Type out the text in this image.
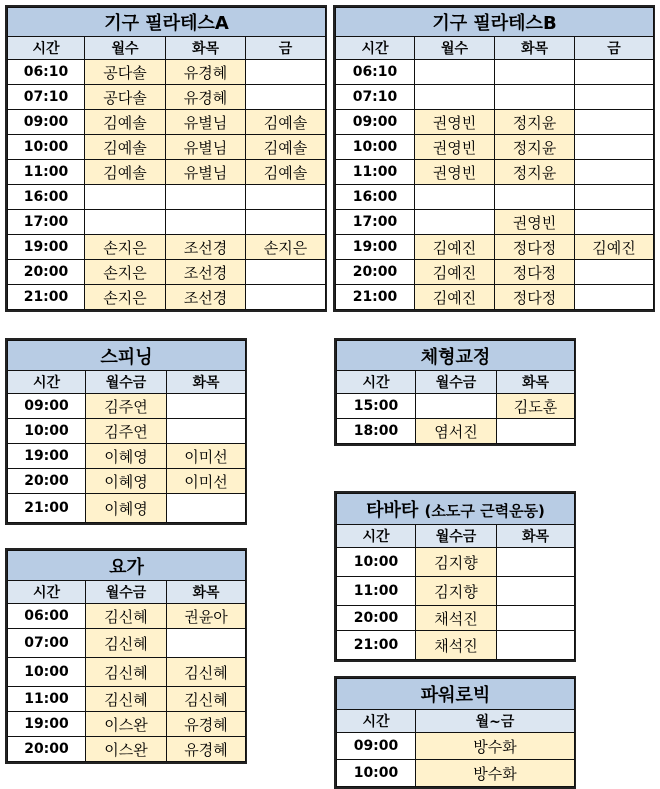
기구 필라테스A			
시간	월수	화목	금
06:10	공다솔	유경혜	
07:10	공다솔	유경혜	
09:00	김예솔	유별님	김예솔
10:00	김예솔	유별님	김예솔
11:00	김예솔	유별님	김예솔
16:00			
17:00			
19:00	손지은	조선경	손지은
20:00	손지은	조선경	
21:00	손지은	조선경	
기구 필라테스B			
시간	월수	화목	금
06:10			
07:10			
09:00	권영빈	정지윤	
10:00	권영빈	정지윤	
11:00	권영빈	정지윤	
16:00			
17:00		권영빈	
19:00	김예진	정다정	김예진
20:00	김예진	정다정	
21:00	김예진	정다정	
스피닝		
시간	월수금	화목
09:00	김주연	
10:00	김주연	
19:00	이혜영	이미선
20:00	이혜영	이미선
21:00	이혜영	
체형교정		
시간	월수금	화목
15:00		김도훈
18:00	염서진	
타바타 (소도구 근력운동)		
시간	월수금	화목
10:00	김지향	
11:00	김지향	
20:00	채석진	
21:00	채석진	
요가		
시간	월수금	화목
06:00	김신혜	권윤아
07:00	김신혜	
10:00	김신혜	김신혜
11:00	김신혜	김신혜
19:00	이스완	유경혜
20:00	이스완	유경혜
파워로빅	
시간	월~금
09:00	방수화
10:00	방수화
